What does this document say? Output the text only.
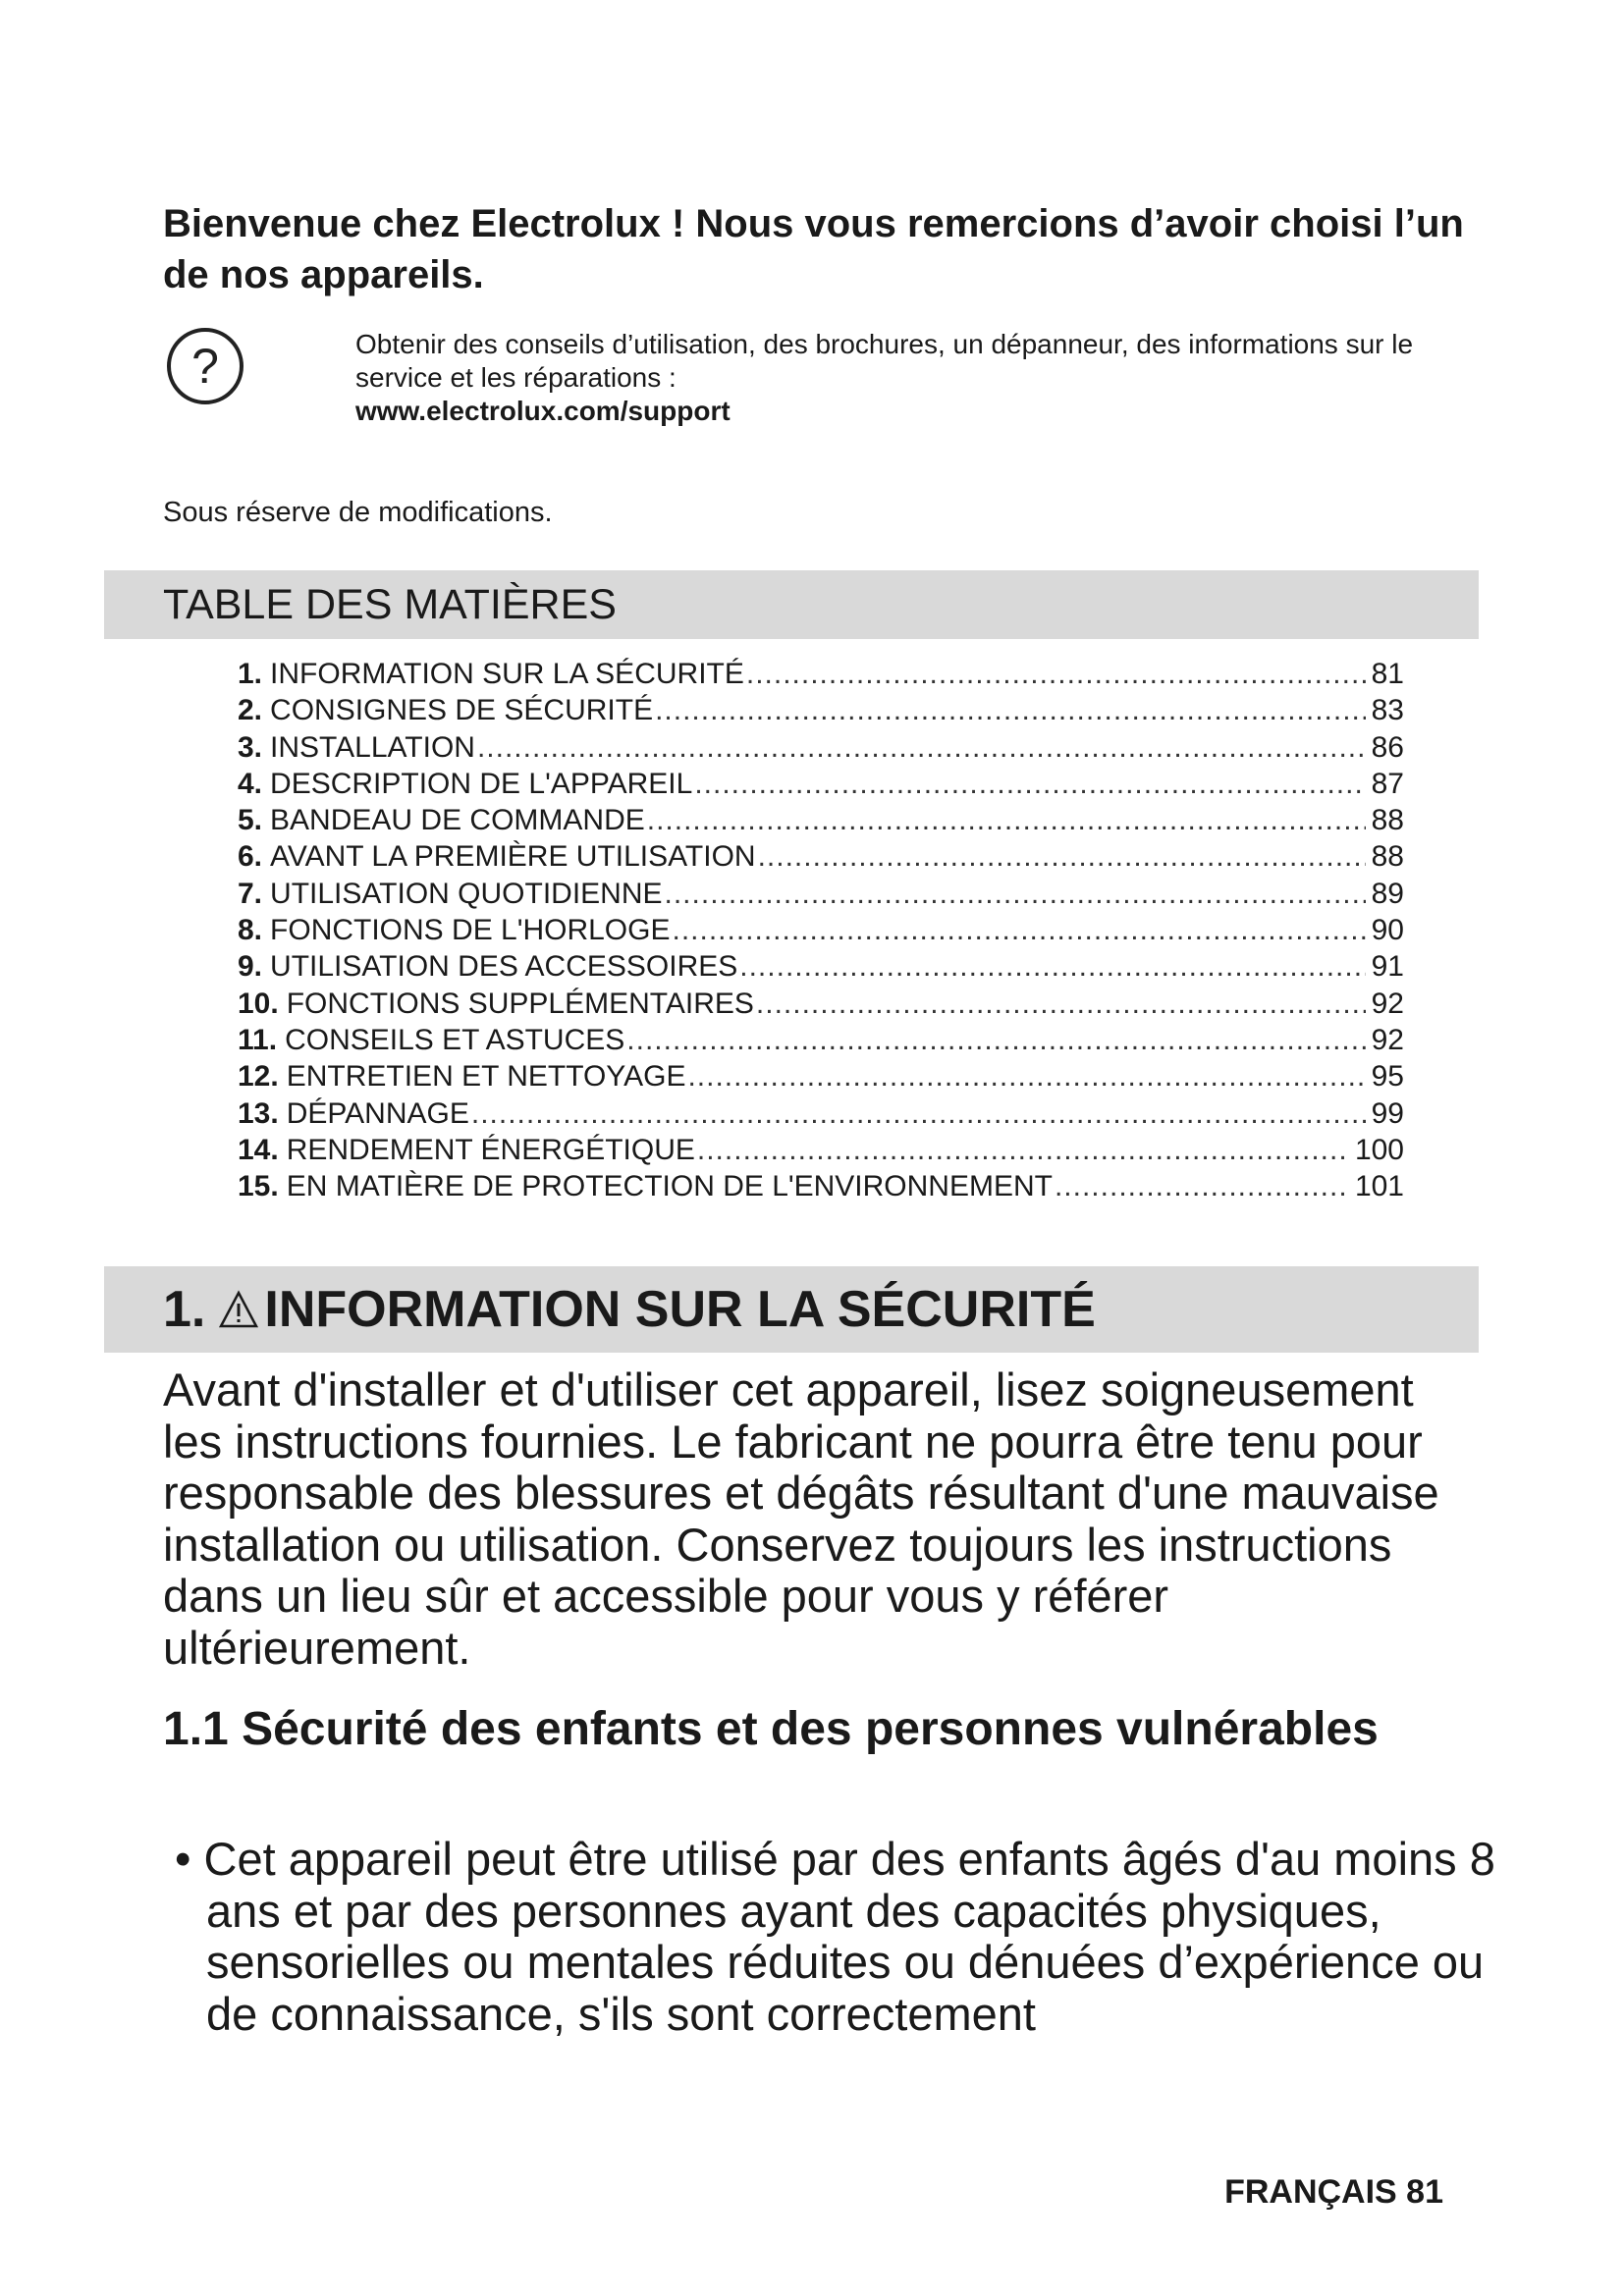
Bienvenue chez Electrolux ! Nous vous remercions d’avoir choisi l’un de nos appareils.
?	Obtenir des conseils d’utilisation, des brochures, un dépanneur, des informations sur le service et les réparations :
www.electrolux.com/support
Sous réserve de modifications.
TABLE DES MATIÈRES
1. INFORMATION SUR LA SÉCURITÉ .....	81
2. CONSIGNES DE SÉCURITÉ .....	83
3. INSTALLATION .....	86
4. DESCRIPTION DE L'APPAREIL .....	87
5. BANDEAU DE COMMANDE .....	88
6. AVANT LA PREMIÈRE UTILISATION .....	88
7. UTILISATION QUOTIDIENNE .....	89
8. FONCTIONS DE L'HORLOGE .....	90
9. UTILISATION DES ACCESSOIRES .....	91
10. FONCTIONS SUPPLÉMENTAIRES .....	92
11. CONSEILS ET ASTUCES .....	92
12. ENTRETIEN ET NETTOYAGE .....	95
13. DÉPANNAGE .....	99
14. RENDEMENT ÉNERGÉTIQUE .....	100
15. EN MATIÈRE DE PROTECTION DE L'ENVIRONNEMENT .....	101
1. INFORMATION SUR LA SÉCURITÉ

Avant d'installer et d'utiliser cet appareil, lisez soigneusement les instructions fournies. Le fabricant ne pourra être tenu pour responsable des blessures et dégâts résultant d'une mauvaise installation ou utilisation. Conservez toujours les instructions dans un lieu sûr et accessible pour vous y référer ultérieurement.

1.1 Sécurité des enfants et des personnes vulnérables

• Cet appareil peut être utilisé par des enfants âgés d'au moins 8 ans et par des personnes ayant des capacités physiques, sensorielles ou mentales réduites ou dénuées d’expérience ou de connaissance, s'ils sont correctement

FRANÇAIS 81
